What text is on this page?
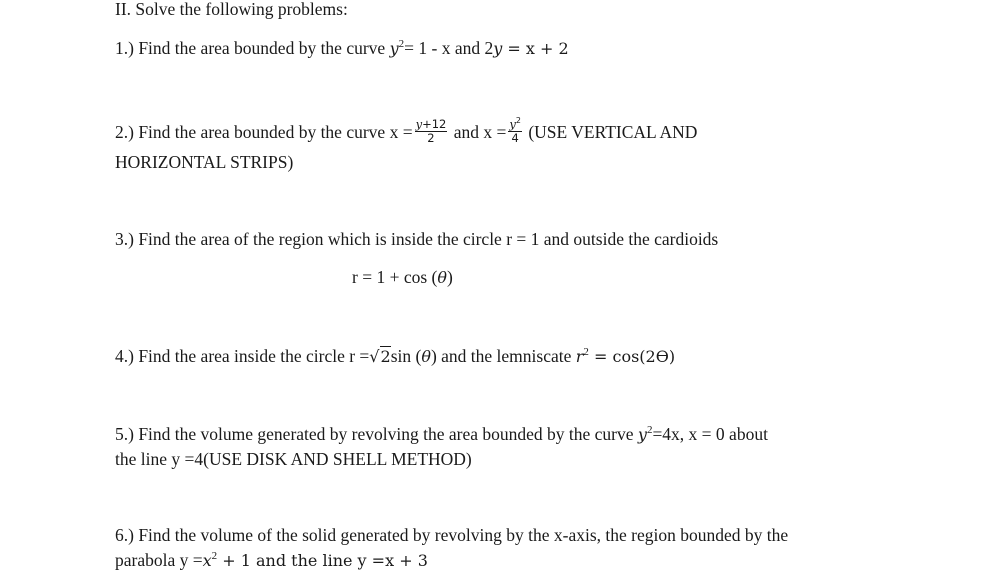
II. Solve the following problems:
1.) Find the area bounded by the curve $y^2= 1 - x$ and 2y = x + 2
2.) Find the area bounded by the curve $x = \frac{y+12}{2}$ and $x = \frac{y^2}{4} (USE$ VERTICAL AND
HORIZONTAL STRIPS)
3.) Find the area of the region which is inside the circle r = 1 and outside the cardioids
r = 1 + cos (θ)
4.) Find the area inside the circle r =√2sin (θ) and the lemniscate $r^2 = \cos(2ϴ)$
5.) Find the volume generated by revolving the area bounded by the curve $y^2=4x$, x = 0 about
the line y =4(USE DISK AND SHELL METHOD)
6.) Find the volume of the solid generated by revolving by the x-axis, the region bounded by the
parabola $y =x^2 + 1$ and the line y =x + 3
